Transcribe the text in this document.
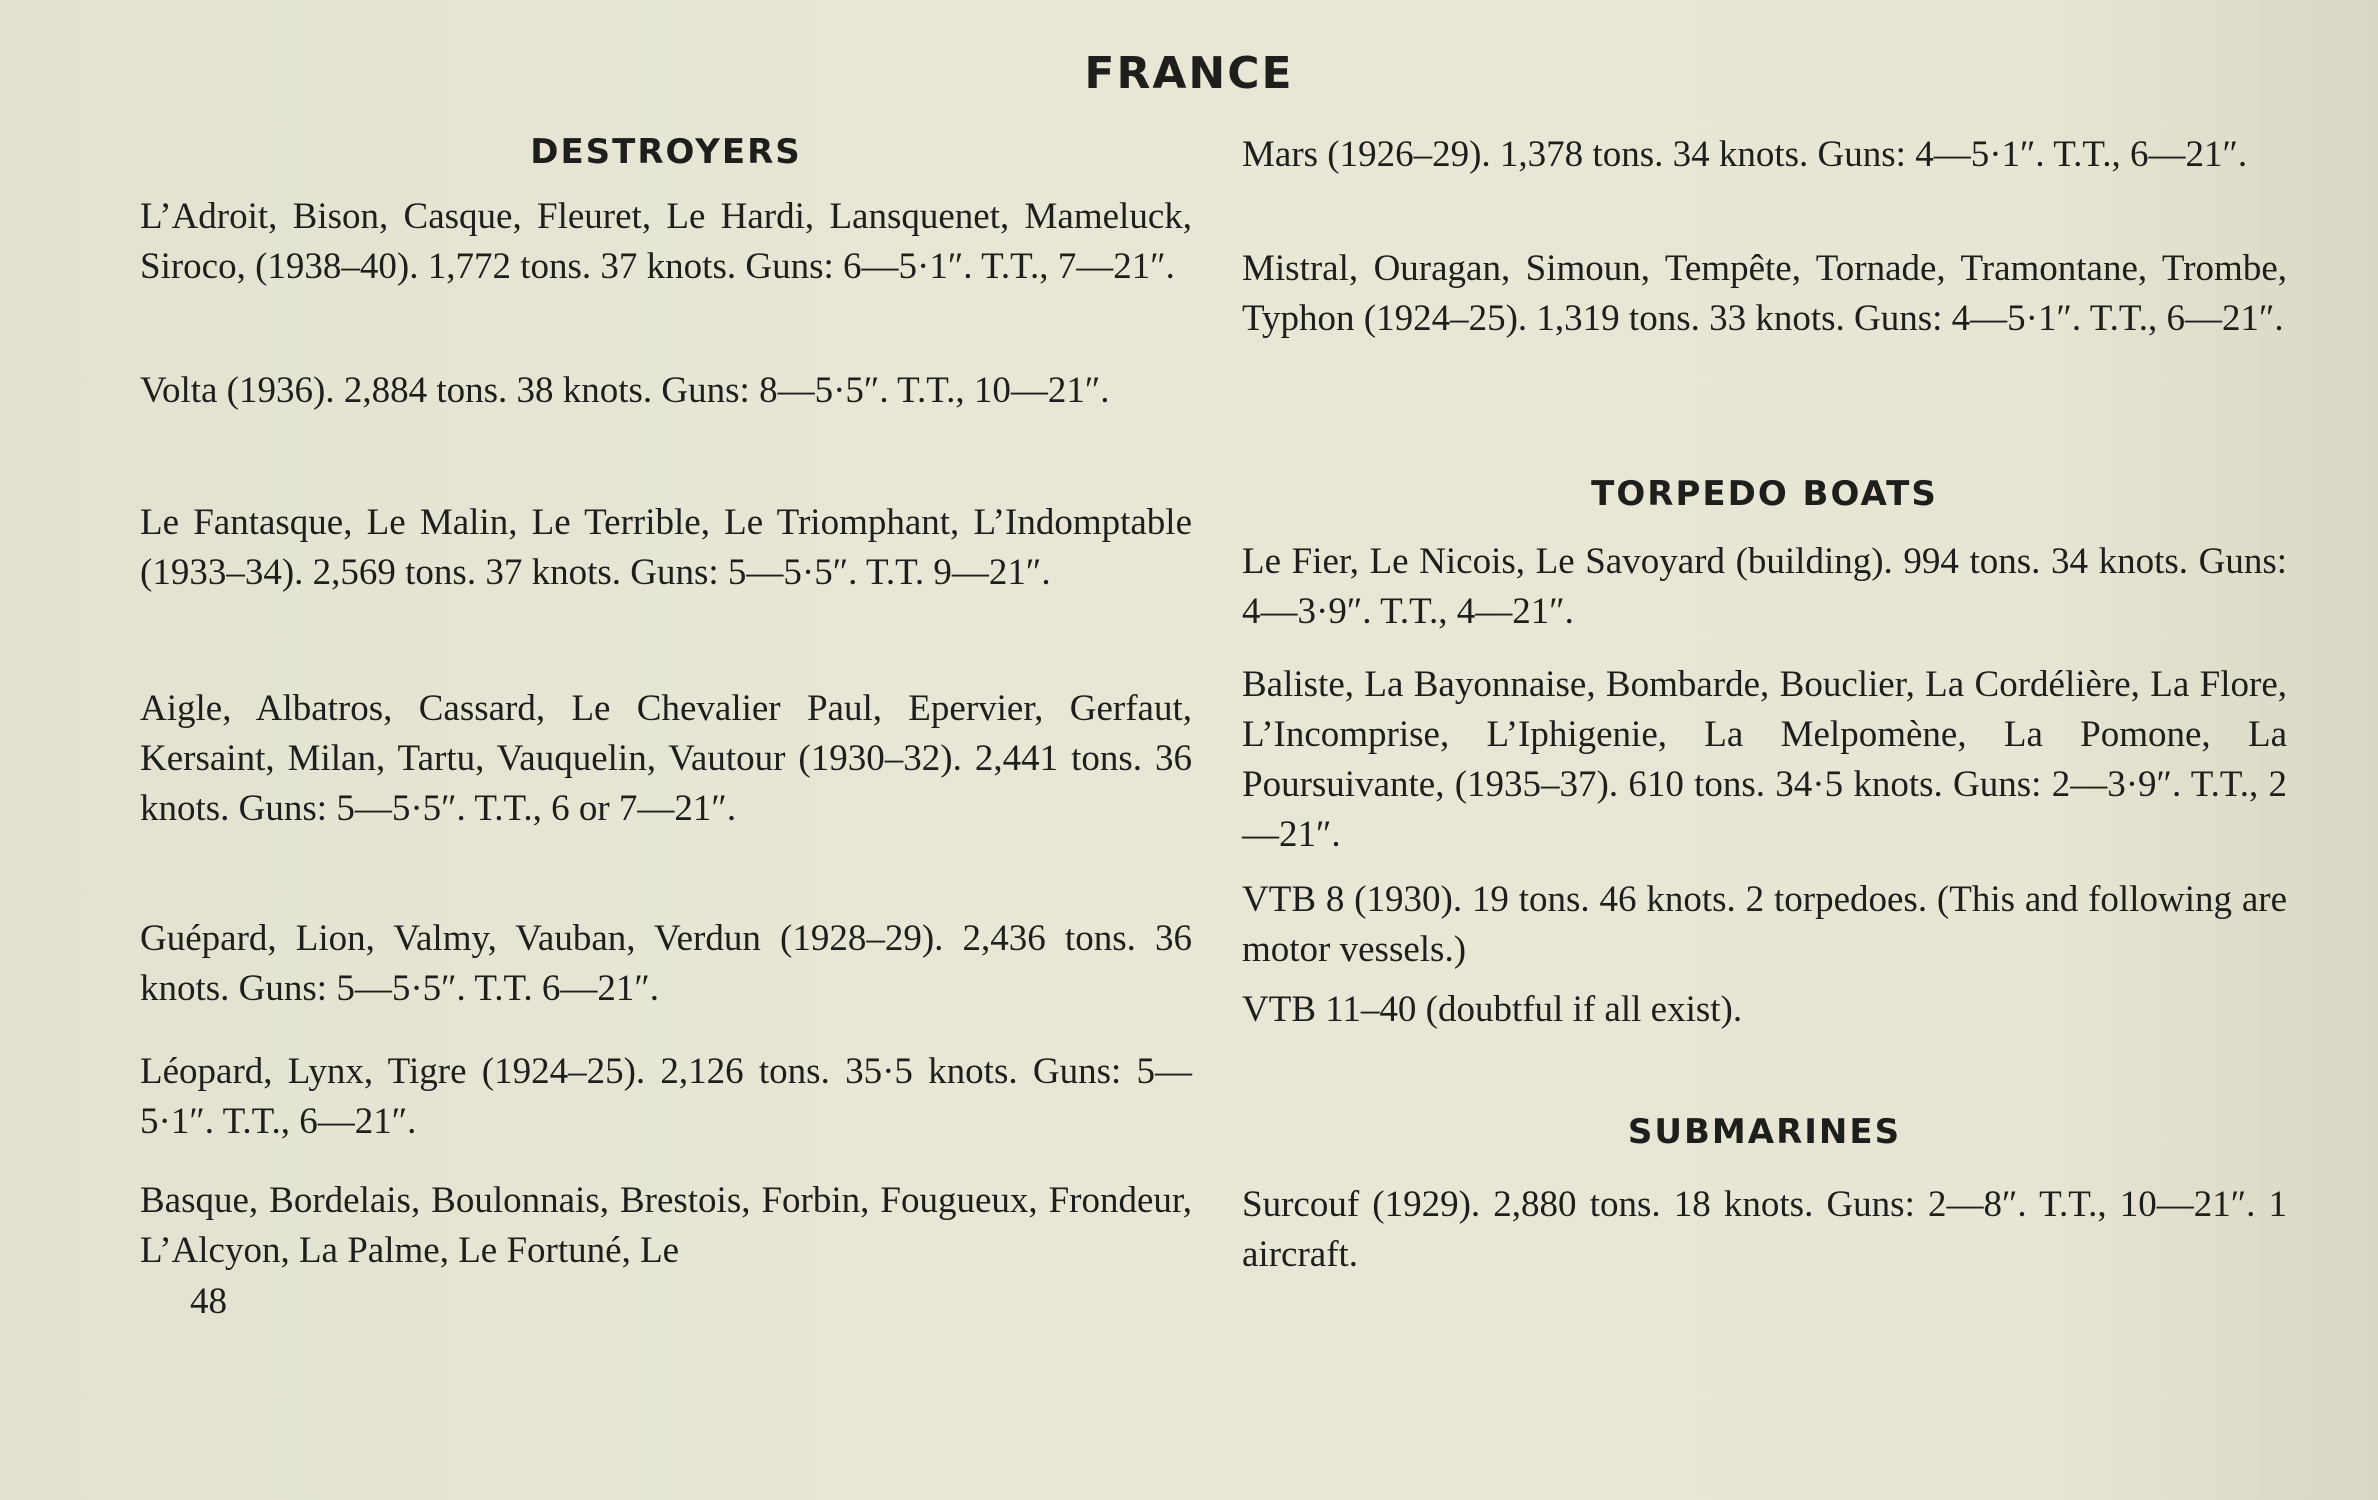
FRANCE
DESTROYERS

L’Adroit, Bison, Casque, Fleuret, Le Hardi, Lansquenet, Mameluck, Siroco, (1938–40). 1,772 tons. 37 knots. Guns: 6—5·1″. T.T., 7—21″.

Volta (1936). 2,884 tons. 38 knots. Guns: 8—5·5″. T.T., 10—21″.

Le Fantasque, Le Malin, Le Terrible, Le Triomphant, L’Indomptable (1933–34). 2,569 tons. 37 knots. Guns: 5—5·5″. T.T. 9—21″.

Aigle, Albatros, Cassard, Le Chevalier Paul, Epervier, Gerfaut, Kersaint, Milan, Tartu, Vauquelin, Vautour (1930–32). 2,441 tons. 36 knots. Guns: 5—5·5″. T.T., 6 or 7—21″.

Guépard, Lion, Valmy, Vauban, Verdun (1928–29). 2,436 tons. 36 knots. Guns: 5—5·5″. T.T. 6—21″.

Léopard, Lynx, Tigre (1924–25). 2,126 tons. 35·5 knots. Guns: 5—5·1″. T.T., 6—21″.

Basque, Bordelais, Boulonnais, Brestois, Forbin, Fougueux, Frondeur, L’Alcyon, La Palme, Le Fortuné, Le

48

Mars (1926–29). 1,378 tons. 34 knots. Guns: 4—5·1″. T.T., 6—21″.

Mistral, Ouragan, Simoun, Tempête, Tornade, Tramontane, Trombe, Typhon (1924–25). 1,319 tons. 33 knots. Guns: 4—5·1″. T.T., 6—21″.

TORPEDO BOATS

Le Fier, Le Nicois, Le Savoyard (building). 994 tons. 34 knots. Guns: 4—3·9″. T.T., 4—21″.

Baliste, La Bayonnaise, Bombarde, Bouclier, La Cordélière, La Flore, L’Incomprise, L’Iphigenie, La Melpomène, La Pomone, La Poursuivante, (1935–37). 610 tons. 34·5 knots. Guns: 2—3·9″. T.T., 2—21″.

VTB 8 (1930). 19 tons. 46 knots. 2 torpedoes. (This and following are motor vessels.)

VTB 11–40 (doubtful if all exist).

SUBMARINES

Surcouf (1929). 2,880 tons. 18 knots. Guns: 2—8″. T.T., 10—21″. 1 aircraft.
